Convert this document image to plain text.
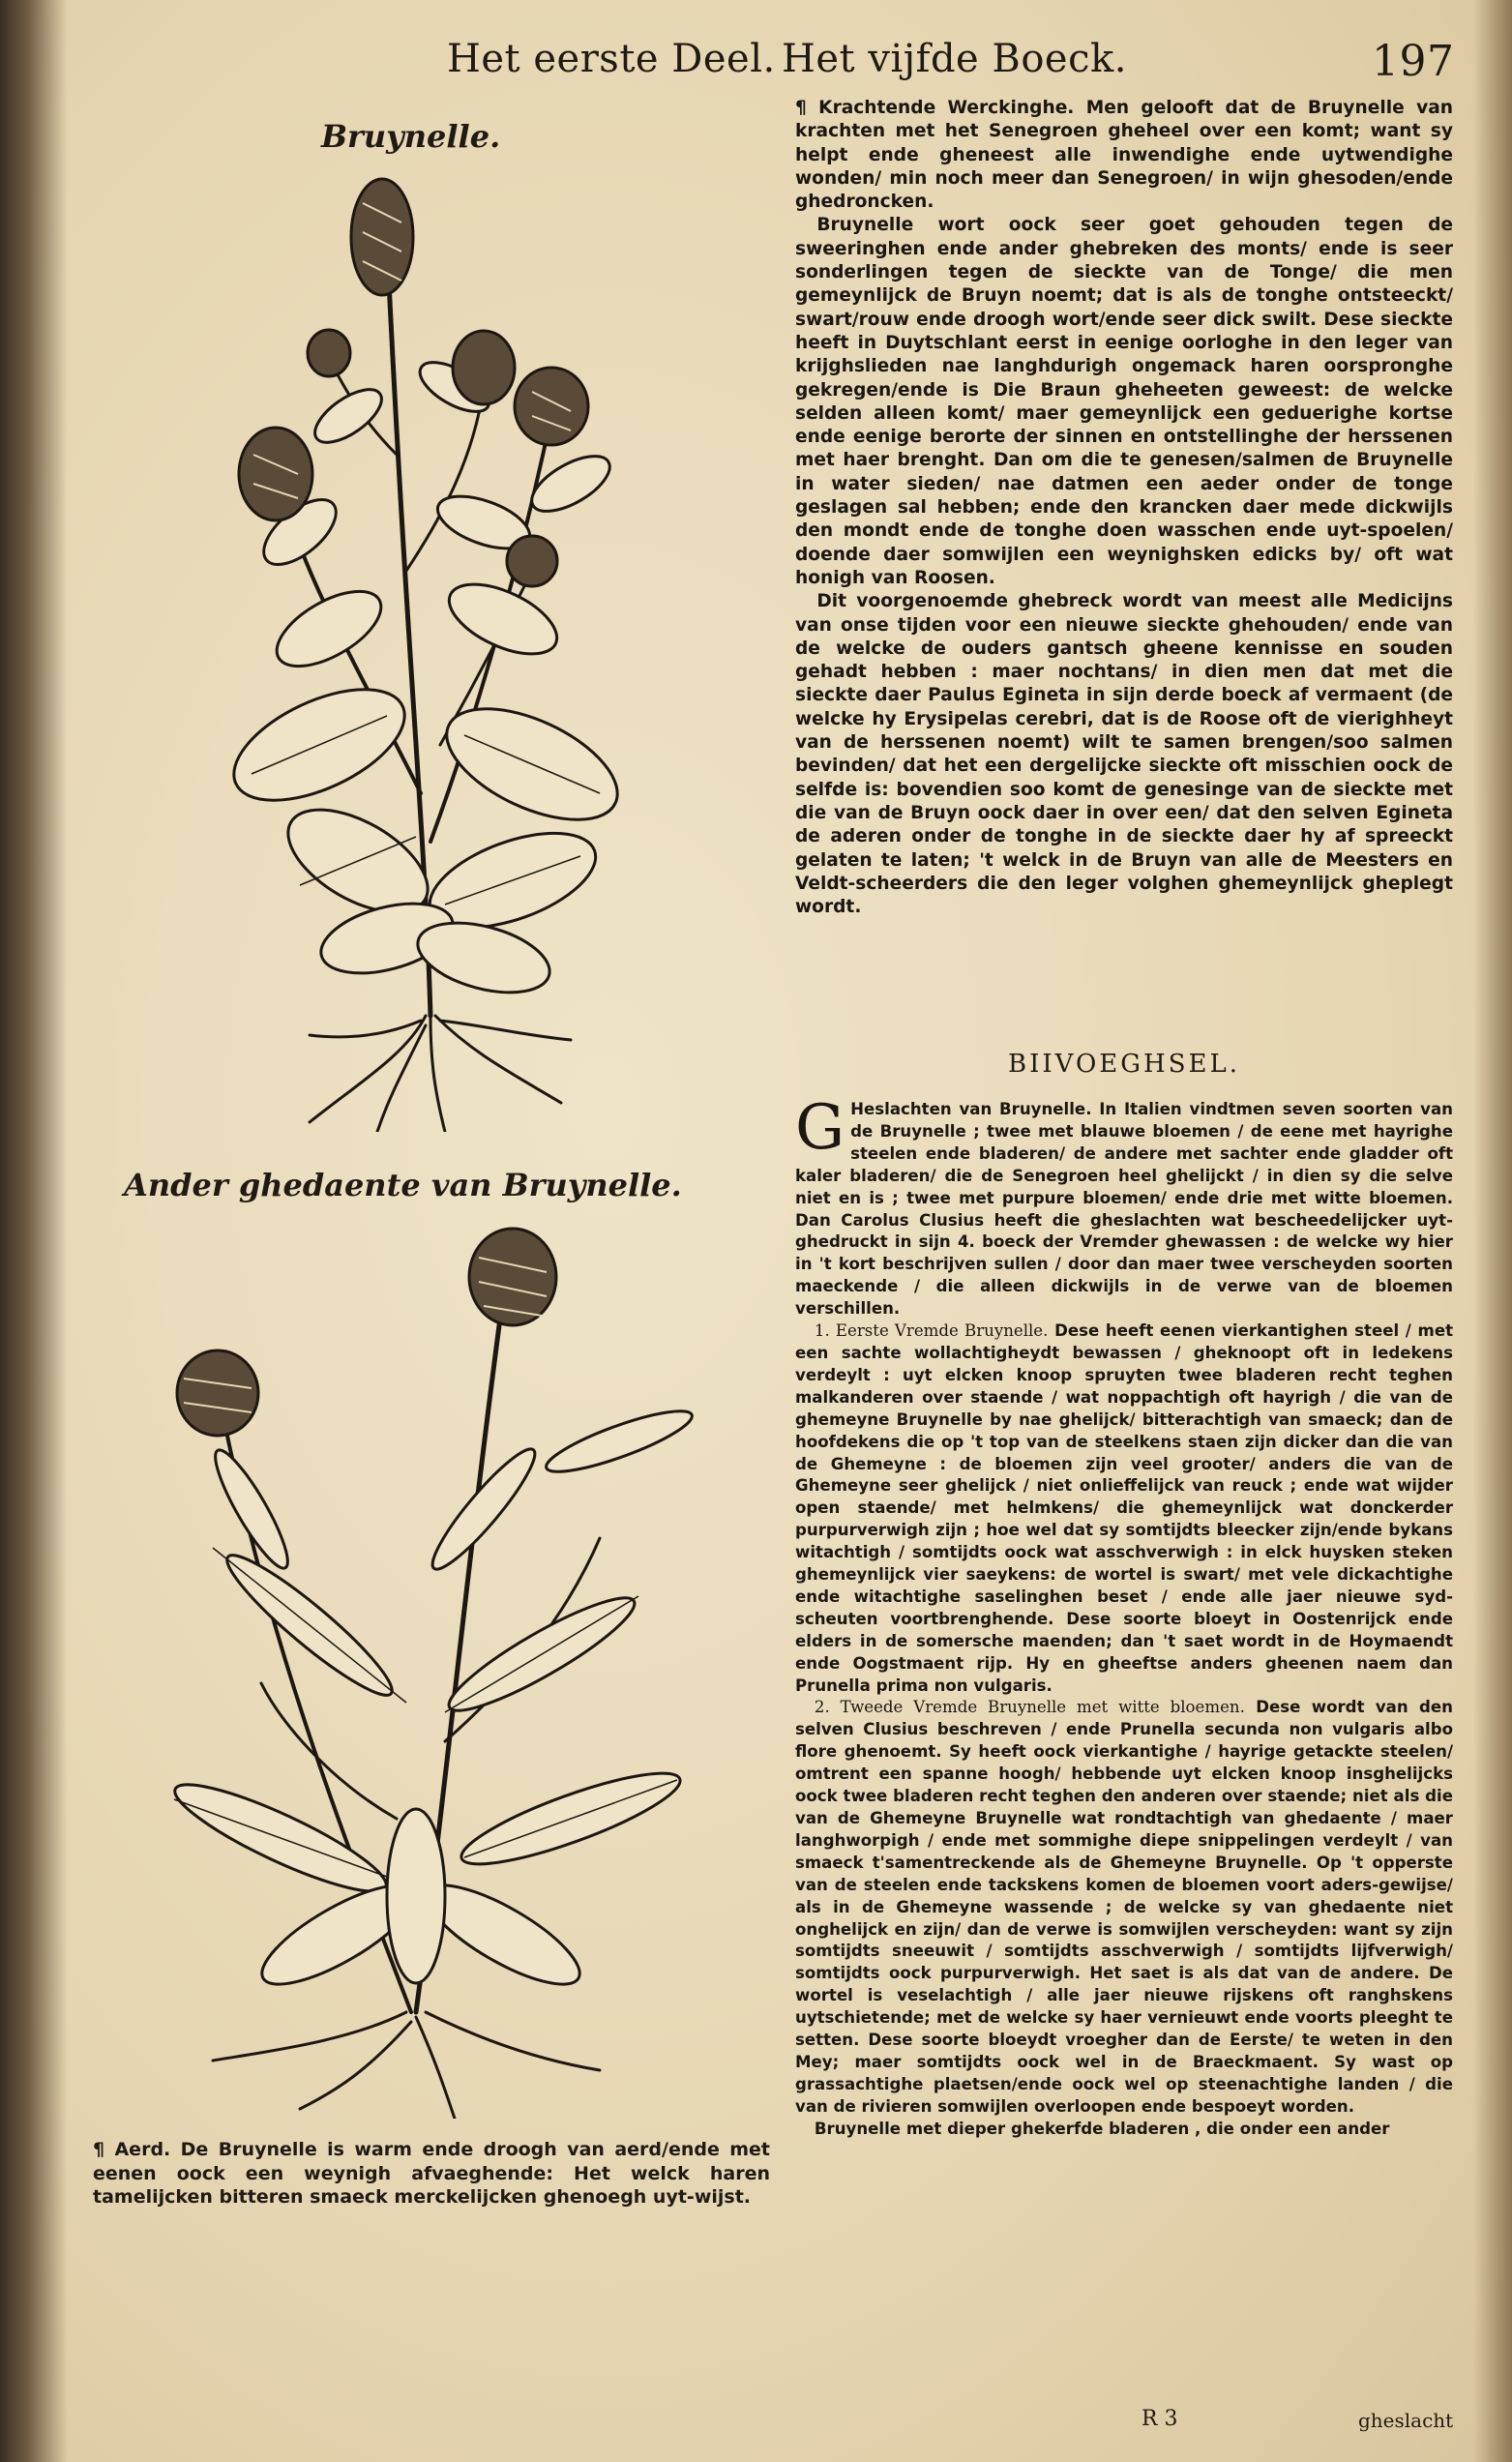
Het eerste Deel. Het vijfde Boeck.	197
Bruynelle.
Ander ghedaente van Bruynelle.

¶ Krachtende Werckinghe. Men gelooft dat de Bruynelle van krachten met het Senegroen gheheel over een komt; want sy helpt ende gheneest alle inwendighe ende uytwendighe wonden/ min noch meer dan Senegroen/ in wijn ghesoden/ende ghedroncken.

Bruynelle wort oock seer goet gehouden tegen de sweeringhen ende ander ghebreken des monts/ ende is seer sonderlingen tegen de sieckte van de Tonge/ die men gemeynlijck de Bruyn noemt; dat is als de tonghe ontsteeckt/ swart/rouw ende droogh wort/ende seer dick swilt. Dese sieckte heeft in Duytschlant eerst in eenige oorloghe in den leger van krijghslieden nae langhdurigh ongemack haren oorspronghe gekregen/ende is Die Braun gheheeten geweest: de welcke selden alleen komt/ maer gemeynlijck een geduerighe kortse ende eenige berorte der sinnen en ontstellinghe der herssenen met haer brenght. Dan om die te genesen/salmen de Bruynelle in water sieden/ nae datmen een aeder onder de tonge geslagen sal hebben; ende den krancken daer mede dickwijls den mondt ende de tonghe doen wasschen ende uyt-spoelen/ doende daer somwijlen een weynighsken edicks by/ oft wat honigh van Roosen.

Dit voorgenoemde ghebreck wordt van meest alle Medicijns van onse tijden voor een nieuwe sieckte ghehouden/ ende van de welcke de ouders gantsch gheene kennisse en souden gehadt hebben : maer nochtans/ in dien men dat met die sieckte daer Paulus Egineta in sijn derde boeck af vermaent (de welcke hy Erysipelas cerebri, dat is de Roose oft de vierighheyt van de herssenen noemt) wilt te samen brengen/soo salmen bevinden/ dat het een dergelijcke sieckte oft misschien oock de selfde is: bovendien soo komt de genesinge van de sieckte met die van de Bruyn oock daer in over een/ dat den selven Egineta de aderen onder de tonghe in de sieckte daer hy af spreeckt gelaten te laten; 't welck in de Bruyn van alle de Meesters en Veldt-scheerders die den leger volghen ghemeynlijck gheplegt wordt.

BIIVOEGHSEL.

G Heslachten van Bruynelle. In Italien vindtmen seven soorten van de Bruynelle ; twee met blauwe bloemen / de eene met hayrighe steelen ende bladeren/ de andere met sachter ende gladder oft kaler bladeren/ die de Senegroen heel ghelijckt / in dien sy die selve niet en is ; twee met purpure bloemen/ ende drie met witte bloemen. Dan Carolus Clusius heeft die gheslachten wat bescheedelijcker uyt-ghedruckt in sijn 4. boeck der Vremder ghewassen : de welcke wy hier in 't kort beschrijven sullen / door dan maer twee verscheyden soorten maeckende / die alleen dickwijls in de verwe van de bloemen verschillen.

1. Eerste Vremde Bruynelle. Dese heeft eenen vierkantighen steel / met een sachte wollachtigheydt bewassen / gheknoopt oft in ledekens verdeylt : uyt elcken knoop spruyten twee bladeren recht teghen malkanderen over staende / wat noppachtigh oft hayrigh / die van de ghemeyne Bruynelle by nae ghelijck/ bitterachtigh van smaeck; dan de hoofdekens die op 't top van de steelkens staen zijn dicker dan die van de Ghemeyne : de bloemen zijn veel grooter/ anders die van de Ghemeyne seer ghelijck / niet onlieffelijck van reuck ; ende wat wijder open staende/ met helmkens/ die ghemeynlijck wat donckerder purpurverwigh zijn ; hoe wel dat sy somtijdts bleecker zijn/ende bykans witachtigh / somtijdts oock wat asschverwigh : in elck huysken steken ghemeynlijck vier saeykens: de wortel is swart/ met vele dickachtighe ende witachtighe saselinghen beset / ende alle jaer nieuwe syd-scheuten voortbrenghende. Dese soorte bloeyt in Oostenrijck ende elders in de somersche maenden; dan 't saet wordt in de Hoymaendt ende Oogstmaent rijp. Hy en gheeftse anders gheenen naem dan Prunella prima non vulgaris.

2. Tweede Vremde Bruynelle met witte bloemen. Dese wordt van den selven Clusius beschreven / ende Prunella secunda non vulgaris albo flore ghenoemt. Sy heeft oock vierkantighe / hayrige getackte steelen/ omtrent een spanne hoogh/ hebbende uyt elcken knoop insghelijcks oock twee bladeren recht teghen den anderen over staende; niet als die van de Ghemeyne Bruynelle wat rondtachtigh van ghedaente / maer langhworpigh / ende met sommighe diepe snippelingen verdeylt / van smaeck t'samentreckende als de Ghemeyne Bruynelle. Op 't opperste van de steelen ende tackskens komen de bloemen voort aders-gewijse/ als in de Ghemeyne wassende ; de welcke sy van ghedaente niet onghelijck en zijn/ dan de verwe is somwijlen verscheyden: want sy zijn somtijdts sneeuwit / somtijdts asschverwigh / somtijdts lijfverwigh/ somtijdts oock purpurverwigh. Het saet is als dat van de andere. De wortel is veselachtigh / alle jaer nieuwe rijskens oft ranghskens uytschietende; met de welcke sy haer vernieuwt ende voorts pleeght te setten. Dese soorte bloeydt vroegher dan de Eerste/ te weten in den Mey; maer somtijdts oock wel in de Braeckmaent. Sy wast op grassachtighe plaetsen/ende oock wel op steenachtighe landen / die van de rivieren somwijlen overloopen ende bespoeyt worden.

Bruynelle met dieper ghekerfde bladeren , die onder een ander

¶ Aerd. De Bruynelle is warm ende droogh van aerd/ende met eenen oock een weynigh afvaeghende: Het welck haren tamelijcken bitteren smaeck merckelijcken ghenoegh uyt-wijst.
R 3	gheslacht
